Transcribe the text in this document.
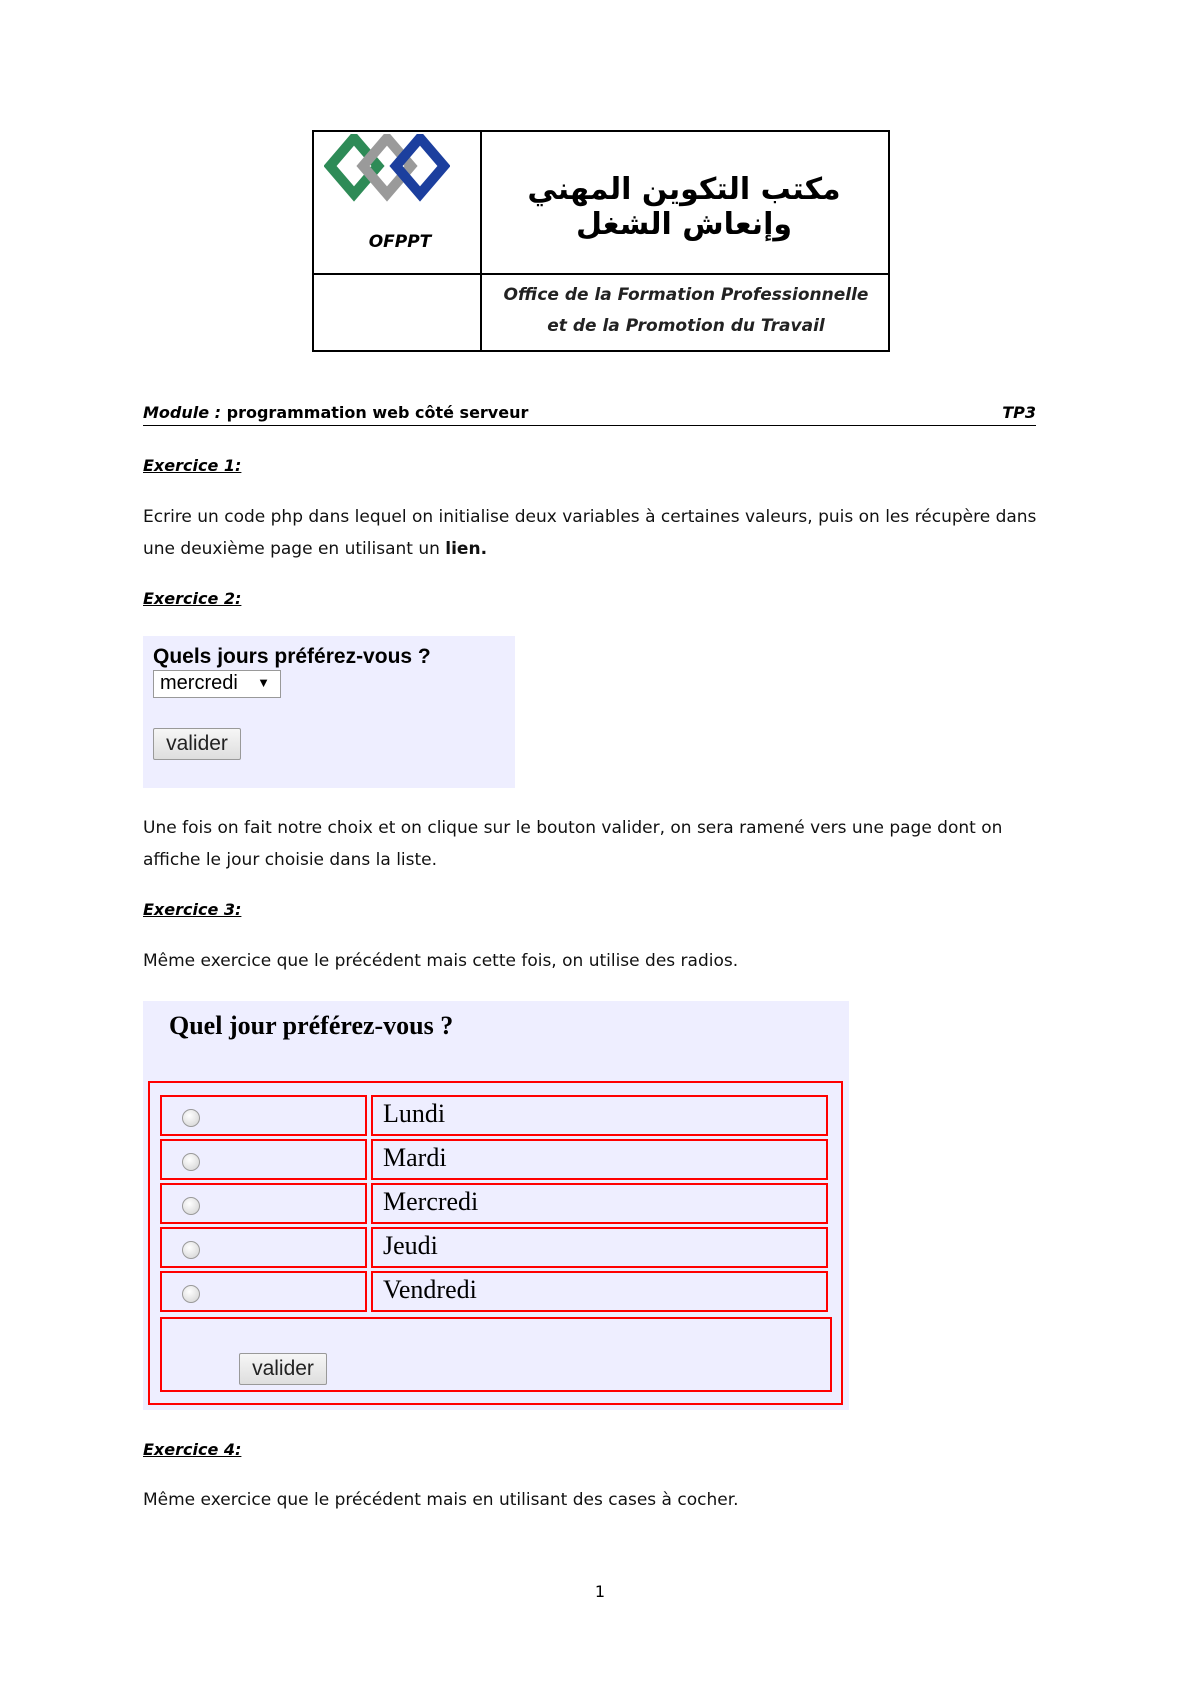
OFPPT
مكتب التكوين المهني وإنعاش الشغل
Office de la Formation Professionnelle
et de la Promotion du Travail
Module : programmation web côté serveur	TP3
Exercice 1:
Ecrire un code php dans lequel on initialise deux variables à certaines valeurs, puis on les récupère dans une deuxième page en utilisant un lien.
Exercice 2:
Quels jours préférez-vous ?
mercredi ▼
valider
Une fois on fait notre choix et on clique sur le bouton valider, on sera ramené vers une page dont on affiche le jour choisie dans la liste.
Exercice 3:
Même exercice que le précédent mais cette fois, on utilise des radios.
Quel jour préférez-vous ?
Lundi
Mardi
Mercredi
Jeudi
Vendredi
valider
Exercice 4:
Même exercice que le précédent mais en utilisant des cases à cocher.
1
